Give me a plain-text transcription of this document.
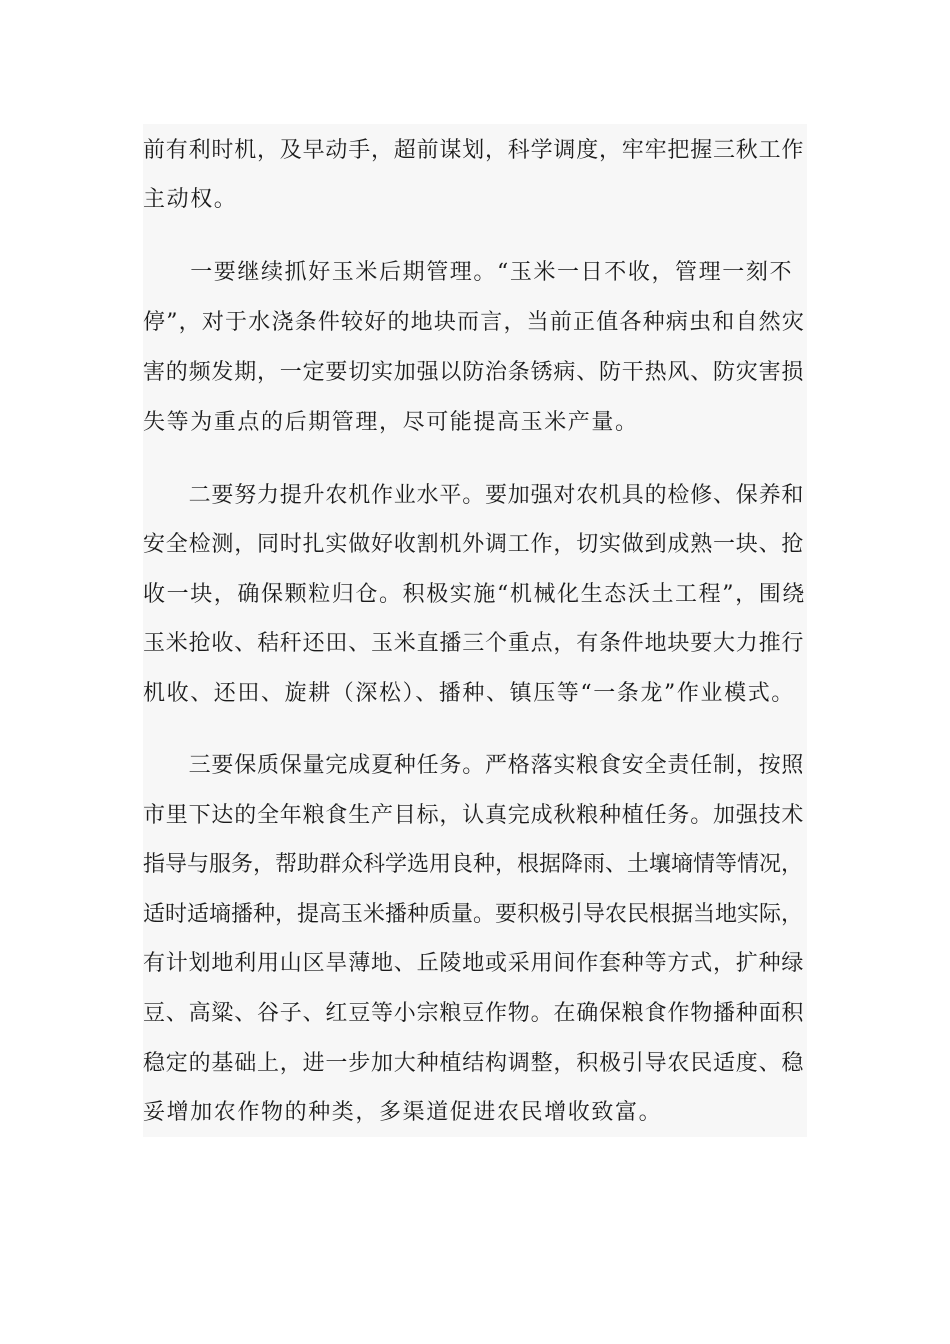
前有利时机，及早动手，超前谋划，科学调度，牢牢把握三秋工作

主动权。

　　一要继续抓好玉米后期管理。“玉米一日不收，管理一刻不

停”，对于水浇条件较好的地块而言，当前正值各种病虫和自然灾

害的频发期，一定要切实加强以防治条锈病、防干热风、防灾害损

失等为重点的后期管理，尽可能提高玉米产量。

　　二要努力提升农机作业水平。要加强对农机具的检修、保养和

安全检测，同时扎实做好收割机外调工作，切实做到成熟一块、抢

收一块，确保颗粒归仓。积极实施“机械化生态沃土工程”，围绕

玉米抢收、秸秆还田、玉米直播三个重点，有条件地块要大力推行

机收、还田、旋耕（深松）、播种、镇压等“一条龙”作业模式。

　　三要保质保量完成夏种任务。严格落实粮食安全责任制，按照

市里下达的全年粮食生产目标，认真完成秋粮种植任务。加强技术

指导与服务，帮助群众科学选用良种，根据降雨、土壤墒情等情况，

适时适墒播种，提高玉米播种质量。要积极引导农民根据当地实际，

有计划地利用山区旱薄地、丘陵地或采用间作套种等方式，扩种绿

豆、高粱、谷子、红豆等小宗粮豆作物。在确保粮食作物播种面积

稳定的基础上，进一步加大种植结构调整，积极引导农民适度、稳

妥增加农作物的种类，多渠道促进农民增收致富。
